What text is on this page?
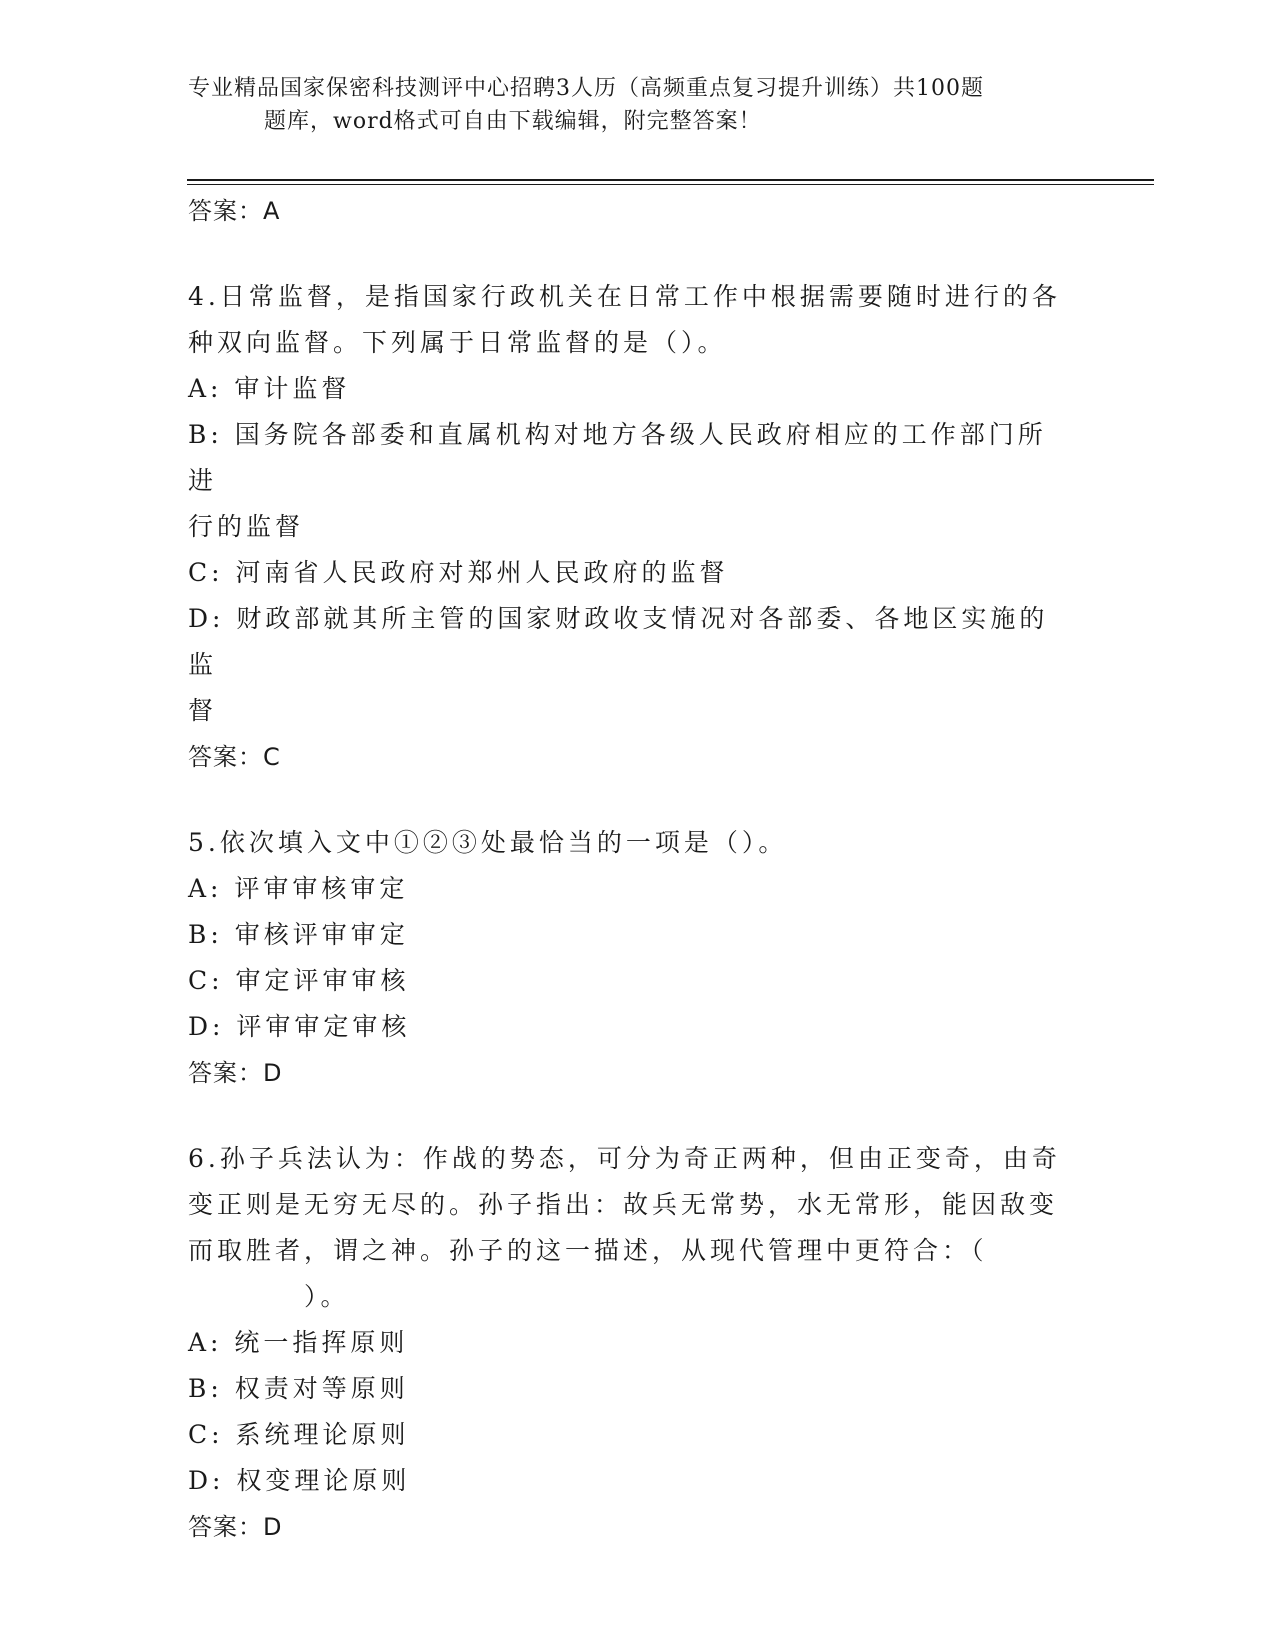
专业精品国家保密科技测评中心招聘3人历（高频重点复习提升训练）共100题
题库，word格式可自由下载编辑，附完整答案！
答案：A
4.日常监督，是指国家行政机关在日常工作中根据需要随时进行的各
种双向监督。下列属于日常监督的是（）。
A: 审计监督
B: 国务院各部委和直属机构对地方各级人民政府相应的工作部门所进
行的监督
C: 河南省人民政府对郑州人民政府的监督
D: 财政部就其所主管的国家财政收支情况对各部委、各地区实施的监
督
答案：C
5.依次填入文中①②③处最恰当的一项是（）。
A: 评审审核审定
B: 审核评审审定
C: 审定评审审核
D: 评审审定审核
答案：D
6.孙子兵法认为：作战的势态，可分为奇正两种，但由正变奇，由奇
变正则是无穷无尽的。孙子指出：故兵无常势，水无常形，能因敌变
而取胜者，谓之神。孙子的这一描述，从现代管理中更符合：（
　　　　）。
A: 统一指挥原则
B: 权责对等原则
C: 系统理论原则
D: 权变理论原则
答案：D
